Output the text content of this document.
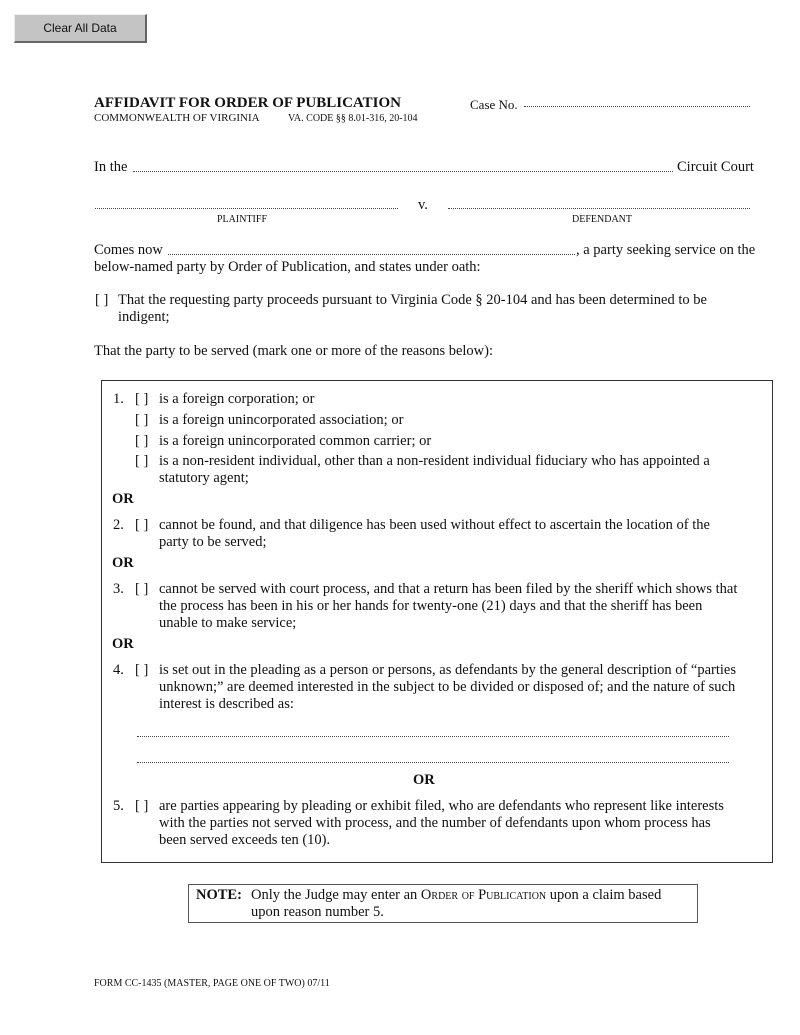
Clear All Data
AFFIDAVIT FOR ORDER OF PUBLICATION	Case No.
COMMONWEALTH OF VIRGINIA	VA. CODE §§ 8.01-316, 20-104
In the	Circuit Court
v.
PLAINTIFF	DEFENDANT
Comes now	, a party seeking service on the
below-named party by Order of Publication, and states under oath:
[ ] That the requesting party proceeds pursuant to Virginia Code § 20-104 and has been determined to be
indigent;
That the party to be served (mark one or more of the reasons below):
1. [ ] is a foreign corporation; or
[ ] is a foreign unincorporated association; or
[ ] is a foreign unincorporated common carrier; or
[ ] is a non-resident individual, other than a non-resident individual fiduciary who has appointed a
statutory agent;
OR
2. [ ] cannot be found, and that diligence has been used without effect to ascertain the location of the
party to be served;
OR
3. [ ] cannot be served with court process, and that a return has been filed by the sheriff which shows that
the process has been in his or her hands for twenty-one (21) days and that the sheriff has been
unable to make service;
OR
4. [ ] is set out in the pleading as a person or persons, as defendants by the general description of “parties
unknown;” are deemed interested in the subject to be divided or disposed of; and the nature of such
interest is described as:
OR
5. [ ] are parties appearing by pleading or exhibit filed, who are defendants who represent like interests
with the parties not served with process, and the number of defendants upon whom process has
been served exceeds ten (10).
NOTE: Only the Judge may enter an Order of Publication upon a claim based
upon reason number 5.
FORM CC-1435 (MASTER, PAGE ONE OF TWO) 07/11
